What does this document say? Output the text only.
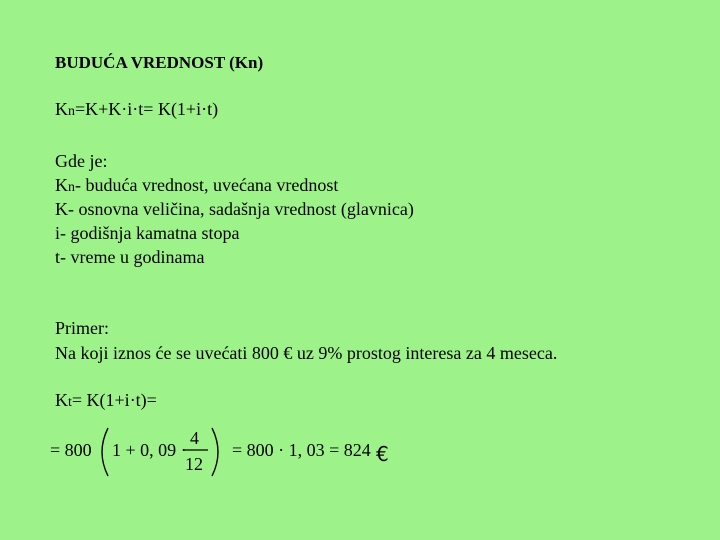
BUDUĆA VREDNOST (Kn)
Kn=K+K·i·t= K(1+i·t)
Gde je:
Kn- buduća vrednost, uvećana vrednost
K- osnovna veličina, sadašnja vrednost (glavnica)
i- godišnja kamatna stopa
t- vreme u godinama
Primer:
Na koji iznos će se uvećati 800 € uz 9% prostog interesa za 4 meseca.
Kt= K(1+i·t)=
= 800 1 + 0, 09 ·
4
12
= 800 · 1, 03 = 824 €
